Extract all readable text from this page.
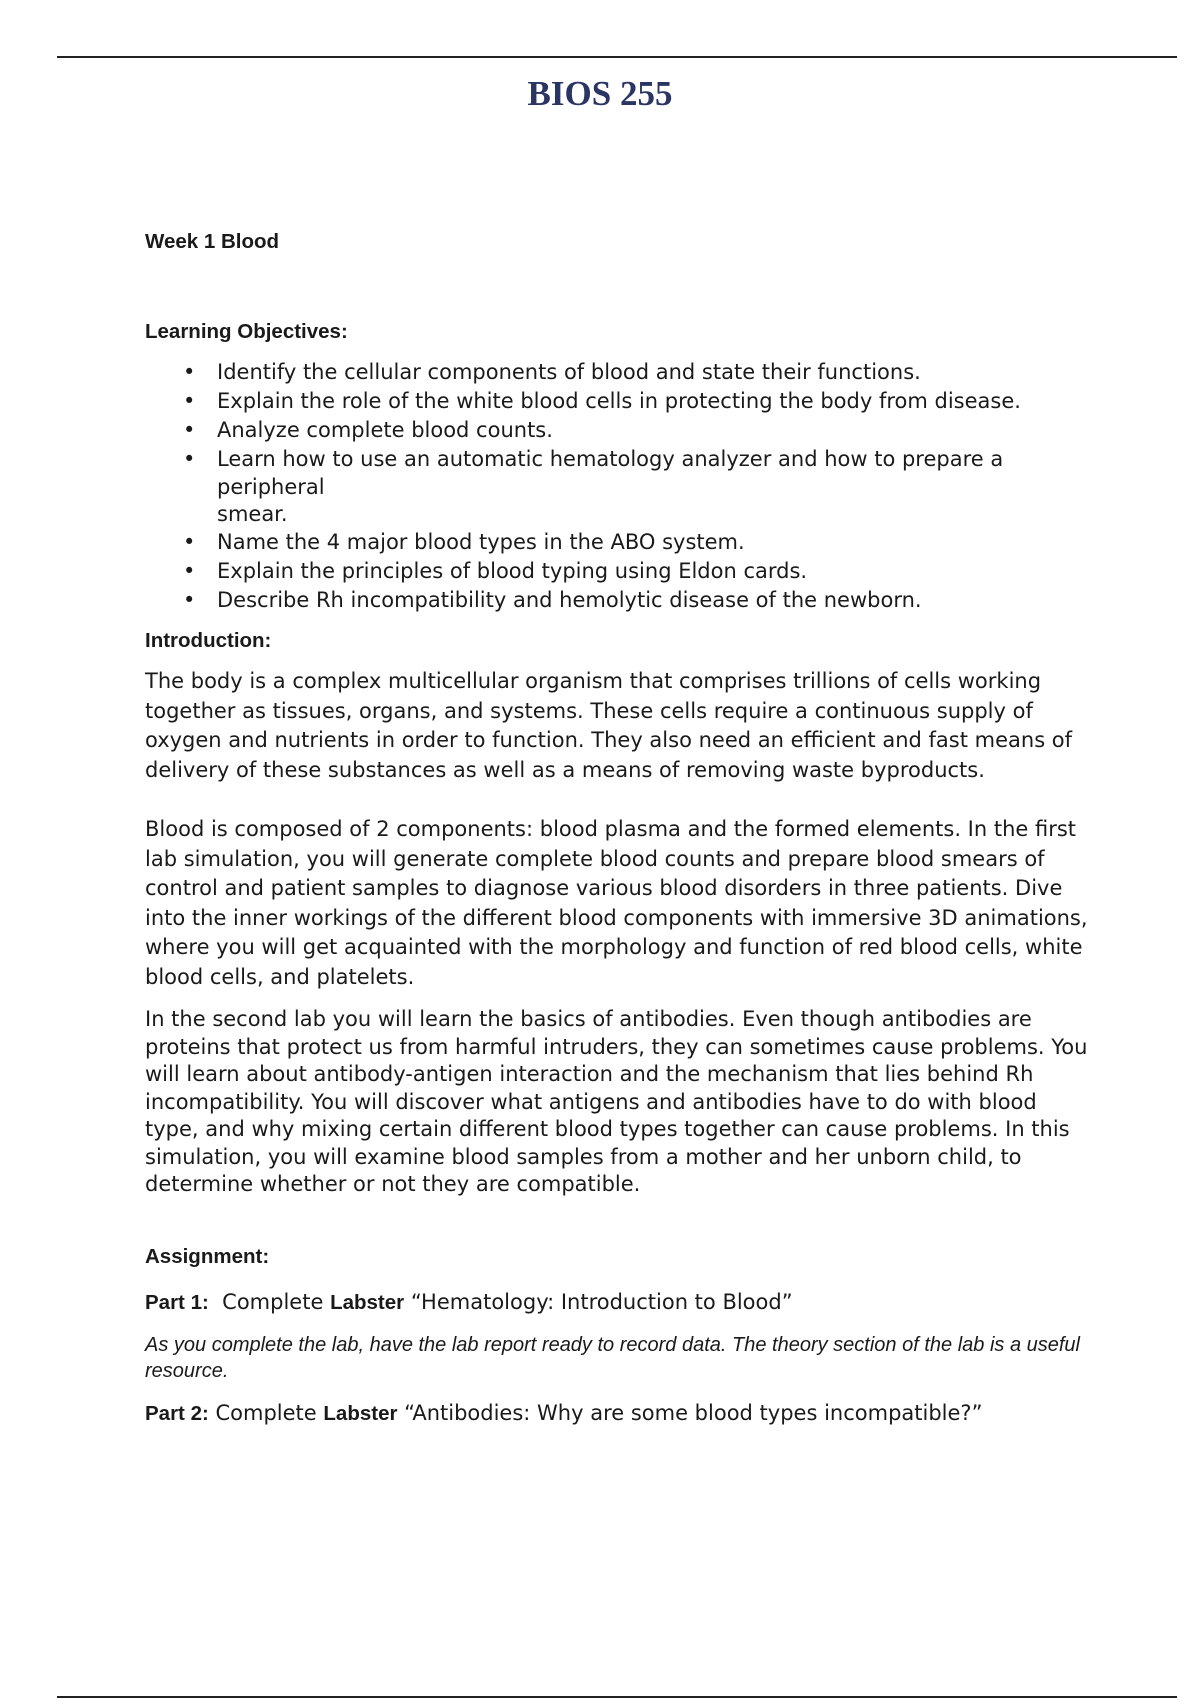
BIOS 255

Week 1 Blood

Learning Objectives:

• Identify the cellular components of blood and state their functions.
• Explain the role of the white blood cells in protecting the body from disease.
• Analyze complete blood counts.
• Learn how to use an automatic hematology analyzer and how to prepare a
peripheral
smear.
• Name the 4 major blood types in the ABO system.
• Explain the principles of blood typing using Eldon cards.
• Describe Rh incompatibility and hemolytic disease of the newborn.

Introduction:

The body is a complex multicellular organism that comprises trillions of cells working together as tissues, organs, and systems. These cells require a continuous supply of oxygen and nutrients in order to function. They also need an efficient and fast means of delivery of these substances as well as a means of removing waste byproducts.

Blood is composed of 2 components: blood plasma and the formed elements. In the first lab simulation, you will generate complete blood counts and prepare blood smears of control and patient samples to diagnose various blood disorders in three patients. Dive into the inner workings of the different blood components with immersive 3D animations, where you will get acquainted with the morphology and function of red blood cells, white blood cells, and platelets.

In the second lab you will learn the basics of antibodies. Even though antibodies are proteins that protect us from harmful intruders, they can sometimes cause problems. You will learn about antibody-antigen interaction and the mechanism that lies behind Rh incompatibility. You will discover what antigens and antibodies have to do with blood type, and why mixing certain different blood types together can cause problems. In this simulation, you will examine blood samples from a mother and her unborn child, to determine whether or not they are compatible.

Assignment:

Part 1: Complete Labster “Hematology: Introduction to Blood”

As you complete the lab, have the lab report ready to record data. The theory section of the lab is a useful resource.

Part 2: Complete Labster “Antibodies: Why are some blood types incompatible?”
